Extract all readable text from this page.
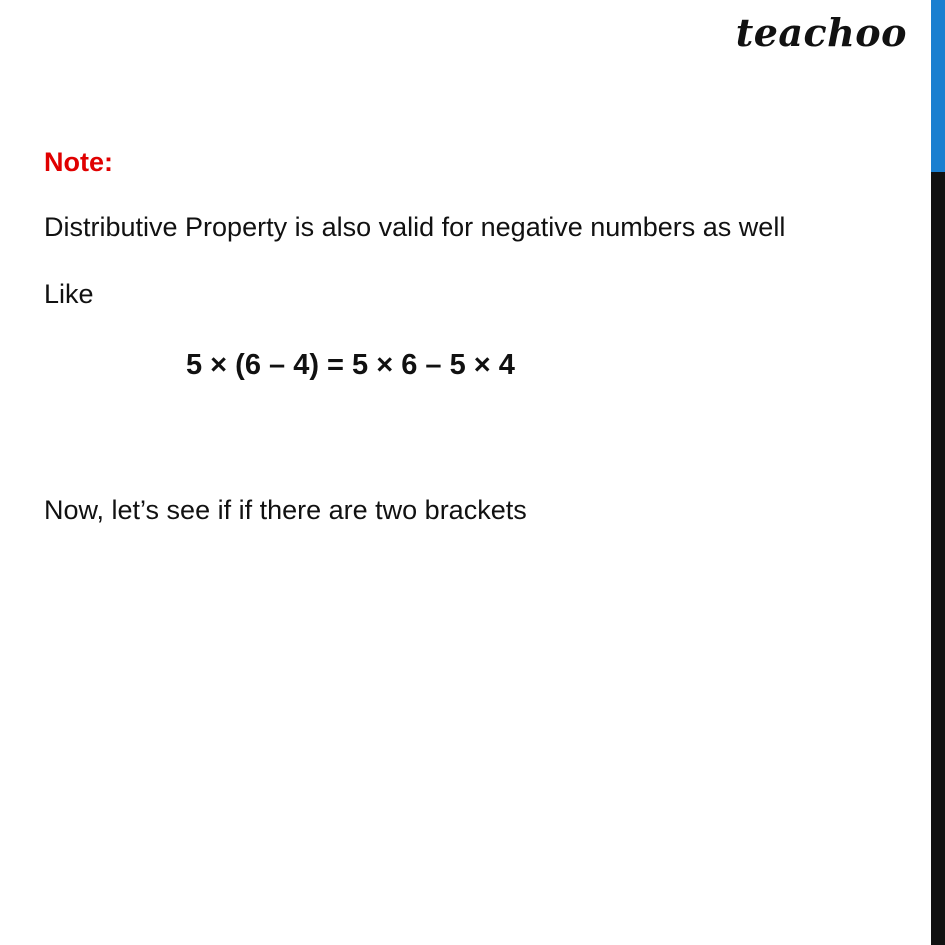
teachoo
Note:
Distributive Property is also valid for negative numbers as well
Like
5 × (6 – 4) = 5 × 6 – 5 × 4
Now, let’s see if if there are two brackets
